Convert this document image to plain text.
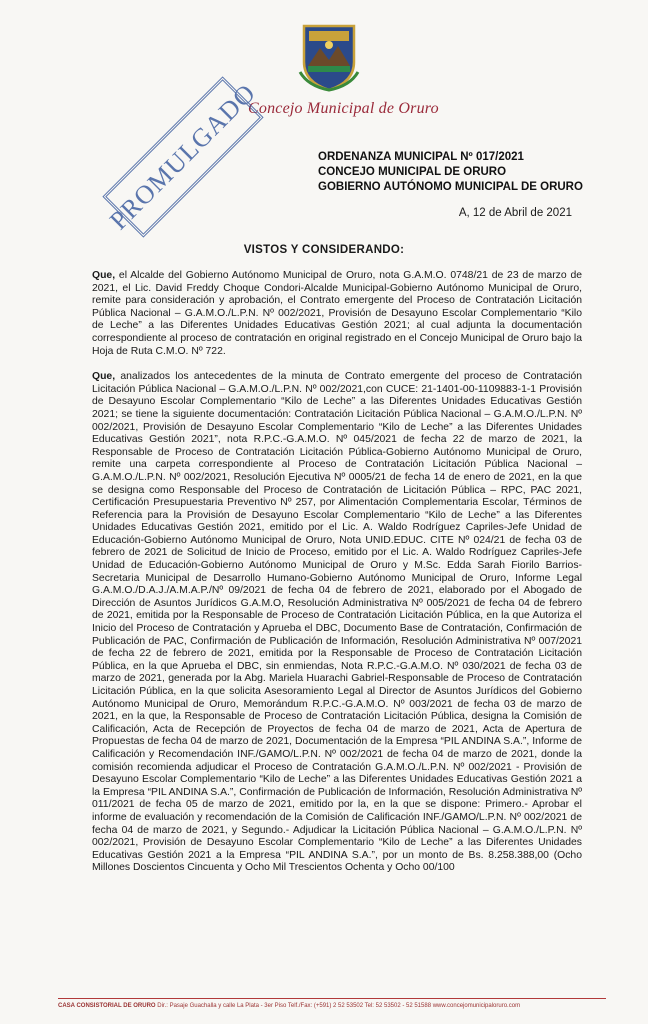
Concejo Municipal de Oruro
PROMULGADO	ORDENANZA MUNICIPAL Nº 017/2021
CONCEJO MUNICIPAL DE ORURO
GOBIERNO AUTÓNOMO MUNICIPAL DE ORURO
A, 12 de Abril de 2021
VISTOS Y CONSIDERANDO:

Que, el Alcalde del Gobierno Autónomo Municipal de Oruro, nota G.A.M.O. 0748/21 de 23 de marzo de 2021, el Lic. David Freddy Choque Condori-Alcalde Municipal-Gobierno Autónomo Municipal de Oruro, remite para consideración y aprobación, el Contrato emergente del Proceso de Contratación Licitación Pública Nacional – G.A.M.O./L.P.N. Nº 002/2021, Provisión de Desayuno Escolar Complementario “Kilo de Leche” a las Diferentes Unidades Educativas Gestión 2021; al cual adjunta la documentación correspondiente al proceso de contratación en original registrado en el Concejo Municipal de Oruro bajo la Hoja de Ruta C.M.O. Nº 722.

Que, analizados los antecedentes de la minuta de Contrato emergente del proceso de Contratación Licitación Pública Nacional – G.A.M.O./L.P.N. Nº 002/2021,con CUCE: 21-1401-00-1109883-1-1 Provisión de Desayuno Escolar Complementario “Kilo de Leche” a las Diferentes Unidades Educativas Gestión 2021; se tiene la siguiente documentación: Contratación Licitación Pública Nacional – G.A.M.O./L.P.N. Nº 002/2021, Provisión de Desayuno Escolar Complementario “Kilo de Leche” a las Diferentes Unidades Educativas Gestión 2021”, nota R.P.C.-G.A.M.O. Nº 045/2021 de fecha 22 de marzo de 2021, la Responsable de Proceso de Contratación Licitación Pública-Gobierno Autónomo Municipal de Oruro, remite una carpeta correspondiente al Proceso de Contratación Licitación Pública Nacional – G.A.M.O./L.P.N. Nº 002/2021, Resolución Ejecutiva Nº 0005/21 de fecha 14 de enero de 2021, en la que se designa como Responsable del Proceso de Contratación de Licitación Pública – RPC, PAC 2021, Certificación Presupuestaria Preventivo Nº 257, por Alimentación Complementaria Escolar, Términos de Referencia para la Provisión de Desayuno Escolar Complementario “Kilo de Leche” a las Diferentes Unidades Educativas Gestión 2021, emitido por el Lic. A. Waldo Rodríguez Capriles-Jefe Unidad de Educación-Gobierno Autónomo Municipal de Oruro, Nota UNID.EDUC. CITE Nº 024/21 de fecha 03 de febrero de 2021 de Solicitud de Inicio de Proceso, emitido por el Lic. A. Waldo Rodríguez Capriles-Jefe Unidad de Educación-Gobierno Autónomo Municipal de Oruro y M.Sc. Edda Sarah Fiorilo Barrios-Secretaria Municipal de Desarrollo Humano-Gobierno Autónomo Municipal de Oruro, Informe Legal G.A.M.O./D.A.J./A.M.A.P./Nº 09/2021 de fecha 04 de febrero de 2021, elaborado por el Abogado de Dirección de Asuntos Jurídicos G.A.M.O, Resolución Administrativa Nº 005/2021 de fecha 04 de febrero de 2021, emitida por la Responsable de Proceso de Contratación Licitación Pública, en la que Autoriza el Inicio del Proceso de Contratación y Aprueba el DBC, Documento Base de Contratación, Confirmación de Publicación de PAC, Confirmación de Publicación de Información, Resolución Administrativa Nº 007/2021 de fecha 22 de febrero de 2021, emitida por la Responsable de Proceso de Contratación Licitación Pública, en la que Aprueba el DBC, sin enmiendas, Nota R.P.C.-G.A.M.O. Nº 030/2021 de fecha 03 de marzo de 2021, generada por la Abg. Mariela Huarachi Gabriel-Responsable de Proceso de Contratación Licitación Pública, en la que solicita Asesoramiento Legal al Director de Asuntos Jurídicos del Gobierno Autónomo Municipal de Oruro, Memorándum R.P.C.-G.A.M.O. Nº 003/2021 de fecha 03 de marzo de 2021, en la que, la Responsable de Proceso de Contratación Licitación Pública, designa la Comisión de Calificación, Acta de Recepción de Proyectos de fecha 04 de marzo de 2021, Acta de Apertura de Propuestas de fecha 04 de marzo de 2021, Documentación de la Empresa “PIL ANDINA S.A.”, Informe de Calificación y Recomendación INF./GAMO/L.P.N. Nº 002/2021 de fecha 04 de marzo de 2021, donde la comisión recomienda adjudicar el Proceso de Contratación G.A.M.O./L.P.N. Nº 002/2021 - Provisión de Desayuno Escolar Complementario “Kilo de Leche” a las Diferentes Unidades Educativas Gestión 2021 a la Empresa “PIL ANDINA S.A.”, Confirmación de Publicación de Información, Resolución Administrativa Nº 011/2021 de fecha 05 de marzo de 2021, emitido por la, en la que se dispone: Primero.- Aprobar el informe de evaluación y recomendación de la Comisión de Calificación INF./GAMO/L.P.N. Nº 002/2021 de fecha 04 de marzo de 2021, y Segundo.- Adjudicar la Licitación Pública Nacional – G.A.M.O./L.P.N. Nº 002/2021, Provisión de Desayuno Escolar Complementario “Kilo de Leche” a las Diferentes Unidades Educativas Gestión 2021 a la Empresa “PIL ANDINA S.A.”, por un monto de Bs. 8.258.388,00 (Ocho Millones Doscientos Cincuenta y Ocho Mil Trescientos Ochenta y Ocho 00/100

CASA CONSISTORIAL DE ORURO Dir.: Pasaje Guachalla y calle La Plata - 3er Piso Telf./Fax: (+591) 2 52 53502 Tel: 52 53502 - 52 51588 www.concejomunicipaloruro.com
